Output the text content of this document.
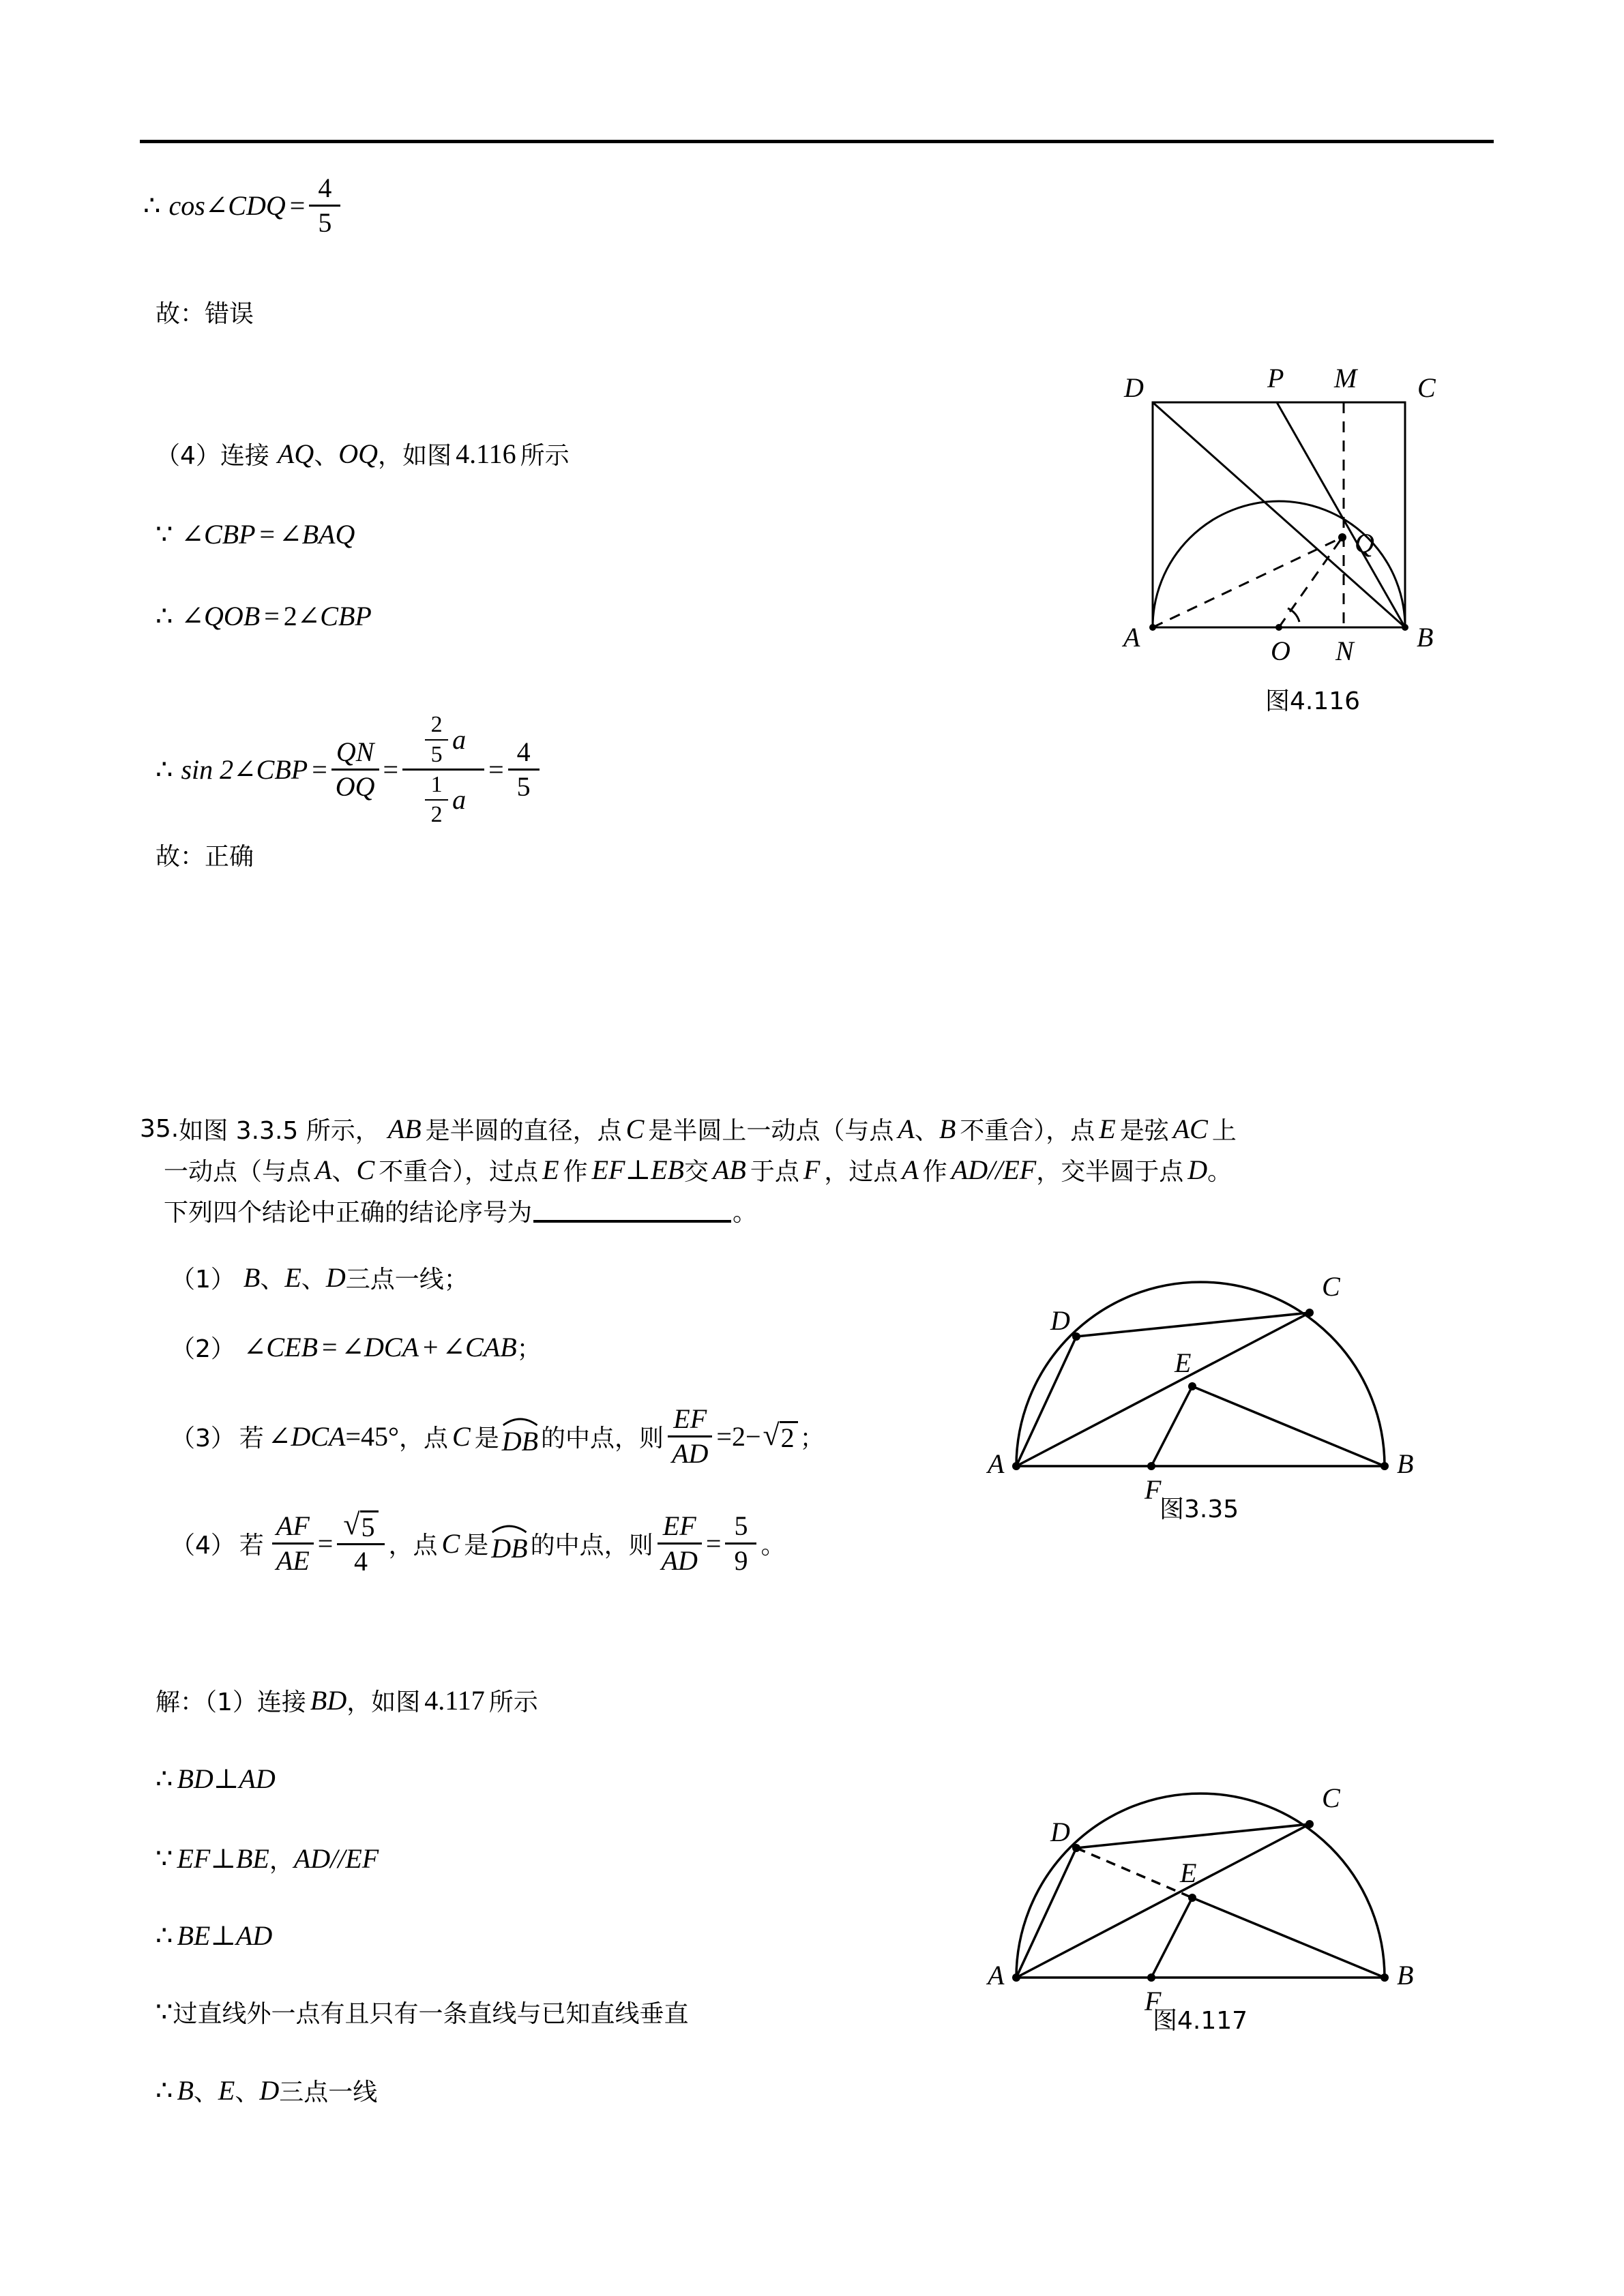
∴ cos∠CDQ = $\frac{4}{5}$
故：错误
（4） 连接 AQ 、 OQ ， 如图 4.116 所示
∵ ∠CBP = ∠BAQ
∴ ∠QOB = 2 ∠CBP
∴ sin 2∠CBP = $\frac{QN}{OQ} = \frac{\frac{2}{5} a}{\frac{1}{2} a} = \frac{4}{5}$
故：正确
A	B
C
D	P M
N
O
Q
图4.116
35. 如图 3.3.5 所示， AB 是半圆的直径，点 C 是半圆上一动点（与点 A 、 B 不重合），点 E 是弦 AC 上
一动点（与点 A 、 C 不重合），过点 E 作 EF⊥EB 交 AB 于点 F ，过点 A 作 AD//EF ，交半圆于点 D 。
下列四个结论中正确的结论序号为	。
（1） B 、 E 、 D 三点一线；
（2） ∠CEB = ∠DCA + ∠CAB ；
（3） 若 ∠DCA = 45° ，点 C 是 DB 的中点，则 $\frac{EF}{AD} = 2$ − √ 2 ；
（4） 若 $\frac{AF}{AE} = \frac{√ 5}{4}$ ，点 C 是 DB 的中点，则 $\frac{EF}{AD} = \frac{5}{9}$ 。
A	B
C
D
E
F
图3.35
解：（1）连接 BD ，如图 4.117 所示
∴ BD⊥AD
∵ EF⊥BE ， AD//EF
∴ BE⊥AD
∵ 过直线外一点有且只有一条直线与已知直线垂直
∴ B 、 E 、 D 三点一线
A	B
C
D
E
F
图4.117
